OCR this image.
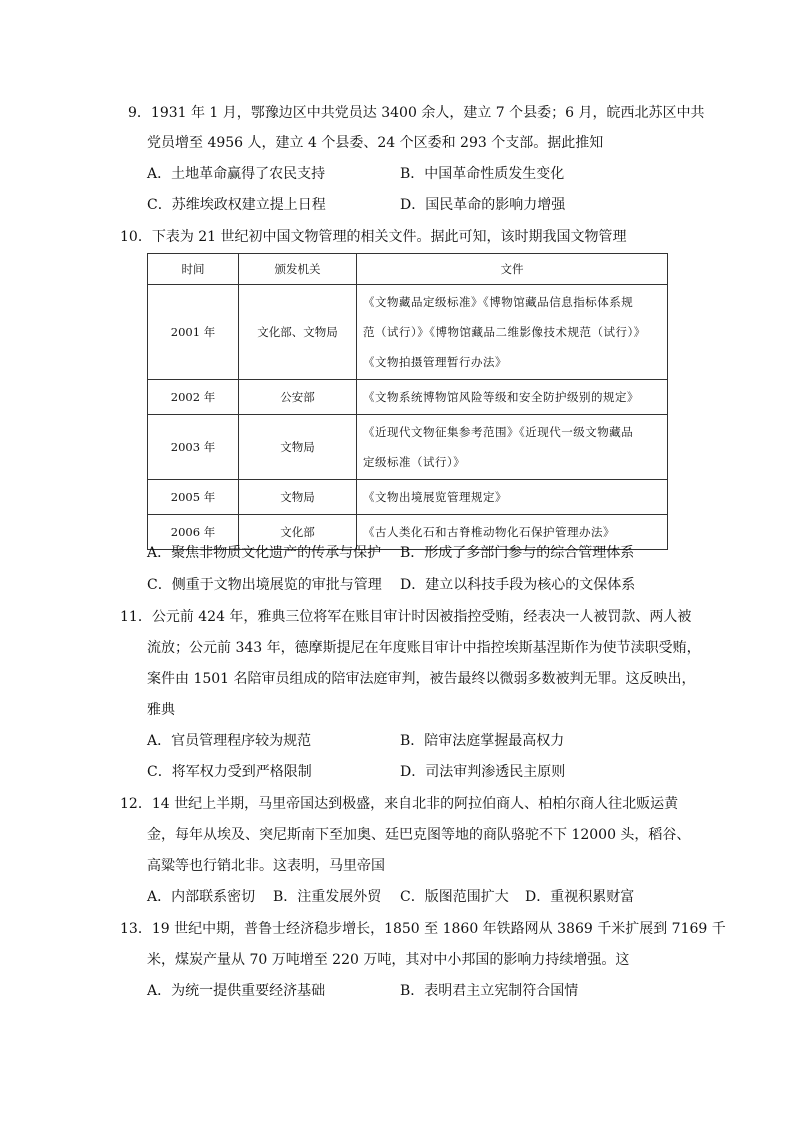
9．1931 年 1 月，鄂豫边区中共党员达 3400 余人，建立 7 个县委；6 月，皖西北苏区中共
党员增至 4956 人，建立 4 个县委、24 个区委和 293 个支部。据此推知
A．土地革命赢得了农民支持	B．中国革命性质发生变化
C．苏维埃政权建立提上日程	D．国民革命的影响力增强
10．下表为 21 世纪初中国文物管理的相关文件。据此可知，该时期我国文物管理
时间	颁发机关	文件
2001 年	文化部、文物局	《文物藏品定级标准》《博物馆藏品信息指标体系规
范（试行）》《博物馆藏品二维影像技术规范（试行）》
《文物拍摄管理暂行办法》

2002 年	公安部	《文物系统博物馆风险等级和安全防护级别的规定》

2003 年	文物局	《近现代文物征集参考范围》《近现代一级文物藏品
定级标准（试行）》

2005 年	文物局	《文物出境展览管理规定》

2006 年	文化部	《古人类化石和古脊椎动物化石保护管理办法》
A．聚焦非物质文化遗产的传承与保护 B．形成了多部门参与的综合管理体系
C．侧重于文物出境展览的审批与管理 D．建立以科技手段为核心的文保体系
11．公元前 424 年，雅典三位将军在账目审计时因被指控受贿，经表决一人被罚款、两人被
流放；公元前 343 年，德摩斯提尼在年度账目审计中指控埃斯基涅斯作为使节渎职受贿，
案件由 1501 名陪审员组成的陪审法庭审判，被告最终以微弱多数被判无罪。这反映出，
雅典
A．官员管理程序较为规范	B．陪审法庭掌握最高权力
C．将军权力受到严格限制	D．司法审判渗透民主原则
12．14 世纪上半期，马里帝国达到极盛，来自北非的阿拉伯商人、柏柏尔商人往北贩运黄
金，每年从埃及、突尼斯南下至加奥、廷巴克图等地的商队骆驼不下 12000 头，稻谷、
高粱等也行销北非。这表明，马里帝国
A．内部联系密切 B．注重发展外贸 C．版图范围扩大 D．重视积累财富
13．19 世纪中期，普鲁士经济稳步增长，1850 至 1860 年铁路网从 3869 千米扩展到 7169 千
米，煤炭产量从 70 万吨增至 220 万吨，其对中小邦国的影响力持续增强。这
A．为统一提供重要经济基础	B．表明君主立宪制符合国情
